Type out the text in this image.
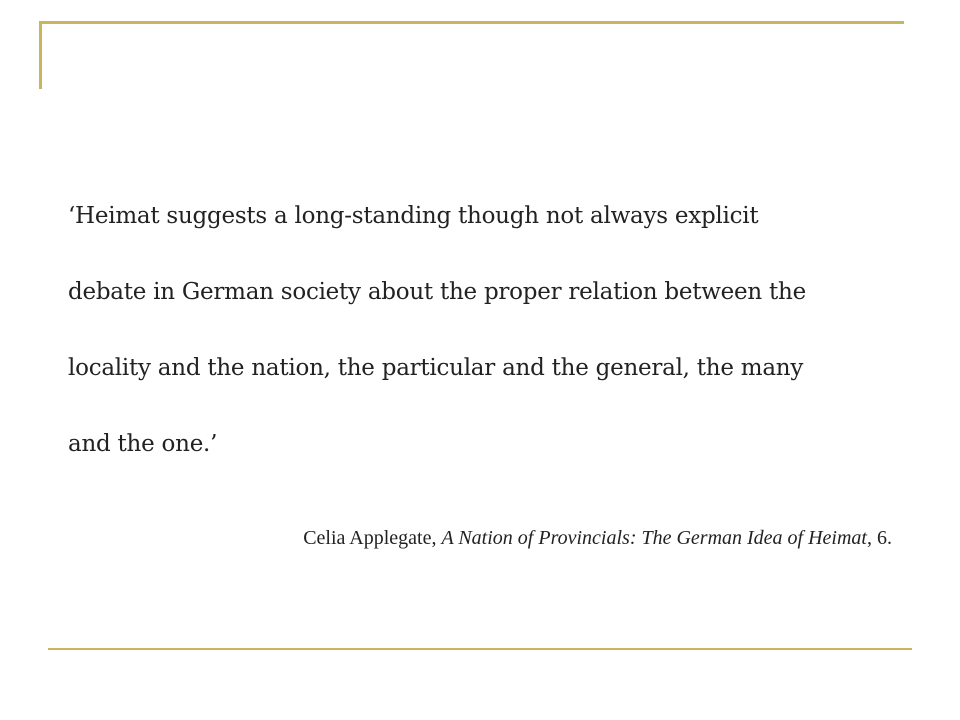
‘Heimat suggests a long-standing though not always explicit
debate in German society about the proper relation between the
locality and the nation, the particular and the general, the many
and the one.’

Celia Applegate, A Nation of Provincials: The German Idea of Heimat, 6.
